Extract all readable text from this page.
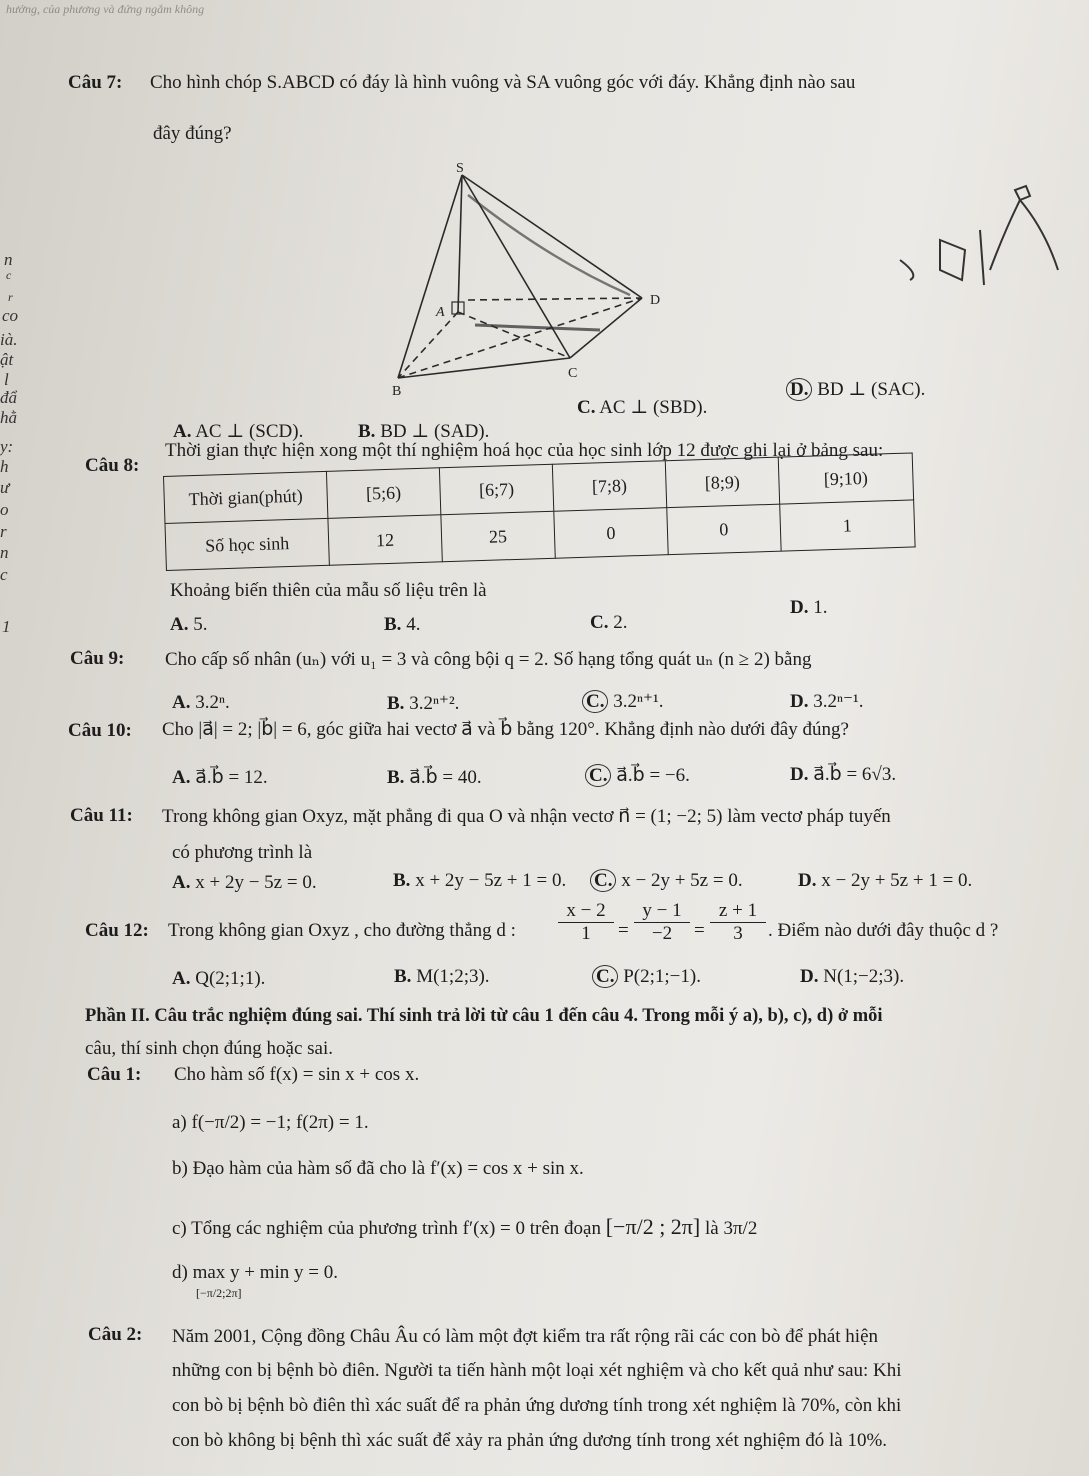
hưởng, của phương và đứng ngắm không
n
c
r
co
ià.
ật
l
đẩ
hằ
y:
h
ư
o
r
n
c
1
Câu 7: Cho hình chóp S.ABCD có đáy là hình vuông và SA vuông góc với đáy. Khẳng định nào sau
đây đúng?
S
A
B
C
D
A. AC ⊥ (SCD).	B. BD ⊥ (SAD).
C. AC ⊥ (SBD).
D. BD ⊥ (SAC).
Câu 8:
Thời gian thực hiện xong một thí nghiệm hoá học của học sinh lớp 12 được ghi lại ở bảng sau:
Thời gian(phút)	[5;6)	[6;7)	[7;8)	[8;9)	[9;10)
Số học sinh	12	25	0	0	1
Khoảng biến thiên của mẫu số liệu trên là
A. 5.	B. 4.	C. 2.
D. 1.
Câu 9: Cho cấp số nhân (uₙ) với u₁ = 3 và công bội q = 2. Số hạng tổng quát uₙ (n ≥ 2) bằng
A. 3.2ⁿ.	B. 3.2ⁿ⁺².	C. 3.2ⁿ⁺¹.	D. 3.2ⁿ⁻¹.
Câu 10: Cho |a⃗| = 2; |b⃗| = 6, góc giữa hai vectơ a⃗ và b⃗ bằng 120°. Khẳng định nào dưới đây đúng?
A. a⃗.b⃗ = 12.	B. a⃗.b⃗ = 40.	C. a⃗.b⃗ = −6.	D. a⃗.b⃗ = 6√3.
Câu 11: Trong không gian Oxyz, mặt phẳng đi qua O và nhận vectơ n⃗ = (1; −2; 5) làm vectơ pháp tuyến
có phương trình là
A. x + 2y − 5z = 0.	B. x + 2y − 5z + 1 = 0. C. x − 2y + 5z = 0.	D. x − 2y + 5z + 1 = 0.
Câu 12: Trong không gian Oxyz , cho đường thẳng d : $\frac{x - 2}{1} = \frac{y - 1}{-2} = \frac{z + 1}{3}$ . Điểm nào dưới đây thuộc d ?
A. Q(2;1;1).	B. M(1;2;3).	C. P(2;1;−1).	D. N(1;−2;3).
Phần II. Câu trắc nghiệm đúng sai. Thí sinh trả lời từ câu 1 đến câu 4. Trong mỗi ý a), b), c), d) ở mỗi
câu, thí sinh chọn đúng hoặc sai.
Câu 1: Cho hàm số f(x) = sin x + cos x.
a) f(−π/2) = −1; f(2π) = 1.
b) Đạo hàm của hàm số đã cho là f′(x) = cos x + sin x.
c) Tổng các nghiệm của phương trình f′(x) = 0 trên đoạn [−π/2 ; 2π] là 3π/2
d) max y + min y = 0.
[−π/2;2π]
Câu 2: Năm 2001, Cộng đồng Châu Âu có làm một đợt kiểm tra rất rộng rãi các con bò để phát hiện
những con bị bệnh bò điên. Người ta tiến hành một loại xét nghiệm và cho kết quả như sau: Khi
con bò bị bệnh bò điên thì xác suất để ra phản ứng dương tính trong xét nghiệm là 70%, còn khi
con bò không bị bệnh thì xác suất để xảy ra phản ứng dương tính trong xét nghiệm đó là 10%.
